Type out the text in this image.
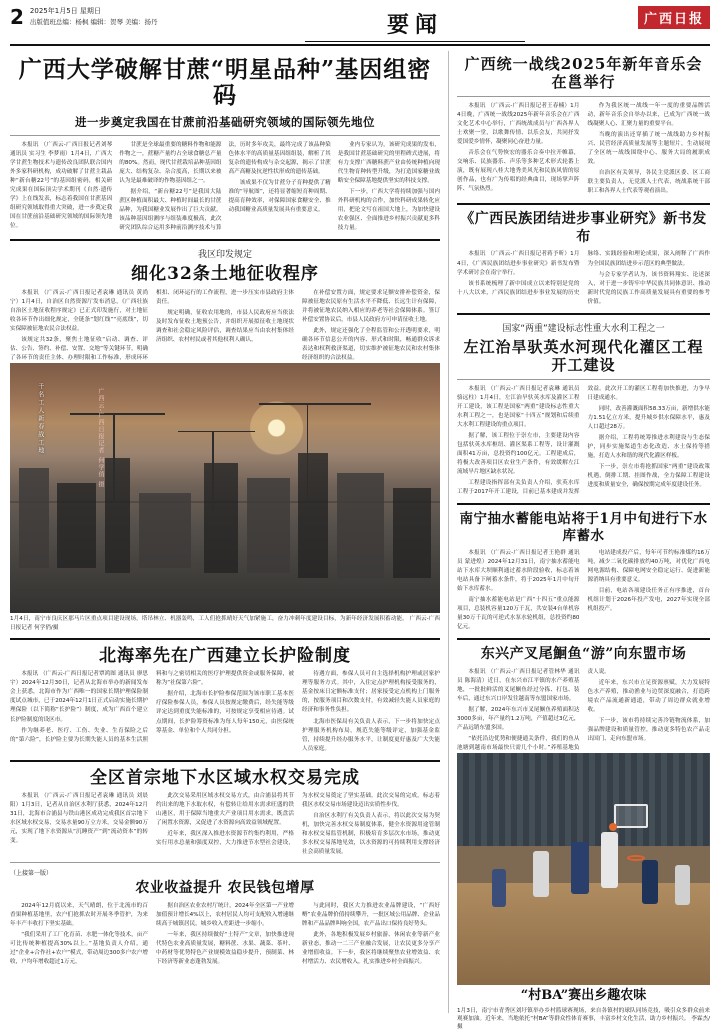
2 2025年1月5日 星期日
出版值班总编：杨枫 编辑：贺琴 美编：扬丹	要闻	广西日报
广西大学破解甘蔗“明星品种”基因组密码
进一步奠定我国在甘蔗前沿基础研究领域的国际领先地位

本报讯 （广西云-广西日报记者刘琴 通讯员 实习生 李梦雨）1月4日，广西大学甘蔗生物技术与遗传改良团队联合国内外多家科研机构，成功破解了甘蔗主栽品种“新台糖22号”的基因组密码，相关研究成果在国际顶尖学术期刊《自然·遗传学》上在线发表，标志着我国在甘蔗基因组研究领域取得重大突破，进一步奠定我国在甘蔗前沿基础研究领域的国际领先地位。

甘蔗是全球最重要的糖料作物和能源作物之一，蔗糖产量约占全球食糖总产量的80%。然而，现代甘蔗栽培品种基因组庞大、结构复杂、杂合度高，长期以来被认为是最难破译的作物基因组之一。

据介绍，“新台糖22号”是我国大陆蔗区种植面积最大、种植时间最长的甘蔗品种，为我国糖业发展作出了巨大贡献。该品种基因组测序与组装难度极高，此次研究团队综合运用多种前沿测序技术与算法，历时多年攻关，最终完成了该品种染色体水平的高质量基因组组装，解析了其复杂的遗传构成与杂交起源，揭示了甘蔗高产高糖及抗逆性状形成的遗传基础。

该成果不仅为甘蔗分子育种提供了精准的“导航图”，还将显著缩短育种周期、提高育种效率，对保障国家食糖安全、推动我国糖业高质量发展具有重要意义。

业内专家认为，该研究成果的发布，是我国甘蔗基础研究的里程碑式进展，将有力支撑广西糖料蔗产业由传统种植向现代生物育种转型升级，为打造国家糖业战略安全保障基地提供坚实的科技支撑。

下一步，广西大学将持续加强与国内外科研机构的合作，加快科研成果转化应用，把论文写在祖国大地上，为加快建设农业强区、全面推进乡村振兴贡献更多科技力量。

我区印发规定
细化32条土地征收程序

本报讯 （广西云-广西日报记者袁琳 通讯员 黄尚宁）1月4日，自治区自然资源厅发布消息，《广西壮族自治区土地征收程序规定》已正式印发施行，对土地征收各环节作出细化规定，全链条“划红线”“亮底线”，切实保障被征地农民合法权益。

该规定共32条，聚焦土地征收“启动、调查、评估、公告、签约、补偿、安置、交地”等关键环节，明确了各环节的责任主体、办理时限和工作标准，形成环环相扣、闭环运行的工作流程，进一步压实市县政府主体责任。

规定明确，征收农用地的，市县人民政府应当依法及时发布征收土地预公告，并组织开展拟征收土地现状调查和社会稳定风险评估，调查结果应当由农村集体经济组织、农村村民或者其他权利人确认。

在补偿安置方面，规定要求足额安排补偿资金，保障被征地农民原有生活水平不降低、长远生计有保障，并将被征地农民纳入相应的养老等社会保障体系。签订补偿安置协议后，市县人民政府方可申请征收土地。

此外，规定还强化了全程监管和公开透明要求，明确各环节信息公开的内容、形式和时限，畅通群众诉求表达和权利救济渠道，切实维护被征地农民和农村集体经济组织的合法权益。

千名工人新春战工地	广西云-广西日报记者 何学俏 摄
1月4日，南宁市良庆区那马片区重点项目建设现场，塔吊林立、机器轰鸣，工人们抢抓晴好天气加紧施工，奋力冲刺年度建设目标，为新年经济发展积蓄动能。 广西云-广西日报记者 何学俏/摄
北海率先在广西建立长护险制度

本报讯 （广西云-广西日报记者覃鸿图 通讯员 廖思宇）2024年12月30日，记者从北海市举办的新闻发布会上获悉，北海市作为广西唯一的国家长期护理保险制度试点城市，已于2024年12月1日正式启动实施长期护理保险（以下简称“长护险”）制度，成为广西首个建立长护险制度的设区市。

作为继养老、医疗、工伤、失业、生育保险之后的“第六险”，长护险主要为长期失能人员的基本生活照料和与之密切相关的医疗护理提供资金或服务保障，被称为“社保第六险”。

据介绍，北海市长护险参保范围为该市职工基本医疗保险参保人员，参保人员按规定缴费后，经失能等级评定达到重度失能标准的，可按规定享受相应待遇。试点期间，长护险筹资标准为每人每年150元，由医保统筹基金、单位和个人共同分担。

待遇方面，参保人员可自主选择机构护理或居家护理等服务方式。其中，入住定点护理机构接受服务的，基金按床日定额标准支付；居家接受定点机构上门服务的，按服务项目和次数支付，有效减轻失能人员家庭的经济和事务性负担。

北海市医保局有关负责人表示，下一步将加快定点护理服务机构布局，规范失能等级评定，加强基金监管，持续提升经办服务水平，让制度更好惠及广大失能人员家庭。

全区首宗地下水区域水权交易完成

本报讯 （广西云-广西日报记者袁琳 通讯员 刘晨阳）1月3日，记者从自治区水利厅获悉，2024年12月31日，北海市合浦县与铁山港区成功完成我区首宗地下水区域水权交易，交易水量90万立方米，交易金额90万元，实现了地下水资源从“沉睡资产”到“流动资本”的转变。

此次交易采用区域水权交易方式，由合浦县将其节约出来的地下水取水权，有偿转让给用水需求旺盛的铁山港区，用于保障当地重大产业项目用水需求，既盘活了闲置水资源，又促进了水资源向高效益领域配置。

近年来，我区深入推进水资源节约集约利用，严格实行用水总量和强度双控，大力推进节水型社会建设，为水权交易奠定了坚实基础。此次交易的完成，标志着我区水权交易市场建设迈出实质性步伐。

自治区水利厅有关负责人表示，将以此次交易为契机，加快完善水权交易制度体系，健全水资源用途管制和水权交易监管机制，积极培育多层次水市场，推动更多水权交易落地见效，以水资源的可持续利用支撑经济社会高质量发展。

（上接第一版）
农业收益提升 农民钱包增厚

2024年12月底以来，天气晴朗，位于北流市的百香果种植基地里，农户们抢抓农时开展冬季管护，为来年丰产丰收打下坚实基础。

“我们采用了工厂化育苗、水肥一体化等技术，亩产可比传统种植提高30%以上。”基地负责人介绍，通过“企业+合作社+农户”模式，带动周边300多户农户增收，户均年增收超过1万元。

据自治区农业农村厅统计，2024年全区第一产业增加值预计增长4%以上，农村居民人均可支配收入增速继续高于城镇居民，城乡收入差距进一步缩小。

一年来，我区持续做好“土特产”文章，加快推进现代特色农业高质量发展，糖料蔗、水果、蔬菜、茶叶、中药材等优势特色产业规模效益稳步提升，预制菜、林下经济等新业态蓬勃发展。

与此同时，我区大力推进农业品牌建设，“广西好嘢”农业品牌价值持续攀升，一批区域公用品牌、企业品牌和产品品牌叫响全国，农产品出口保持良好势头。

此外，各地积极发展乡村旅游、休闲农业等新产业新业态，推动一二三产业融合发展，让农民更多分享产业增值收益。下一步，我区将继续聚焦农业增效益、农村增活力、农民增收入，扎实推进乡村全面振兴。

广西统一战线2025年新年音乐会在邕举行

本报讯 （广西云-广西日报记者王春楠）1月4日晚，广西统一战线2025年新年音乐会在广西文化艺术中心举行，广西统战成员与广西各界人士欢聚一堂，以歌舞传情、以乐会友，共同抒发爱国爱乡情怀，凝聚同心奋进力量。

音乐会在气势恢宏的器乐合奏中拉开帷幕，交响乐、民族器乐、声乐等多种艺术形式轮番上演，既有展现八桂大地秀美风光和民族风情的原创作品，也有广为传唱的经典曲目，现场掌声阵阵、气氛热烈。

作为我区统一战线一年一度的重要品牌活动，新年音乐会自举办以来，已成为广西统一战线凝聚人心、汇聚力量的重要平台。

当晚的演出还穿插了统一战线助力乡村振兴、民营经济高质量发展等主题短片，生动展现了全区统一战线围绕中心、服务大局的履职成效。

自治区有关领导，各民主党派区委、区工商联主要负责人，无党派人士代表，统战系统干部职工和各界人士代表等观看演出。

《广西民族团结进步事业研究》新书发布

本报讯 （广西云-广西日报记者蒋予昕）1月4日，《广西民族团结进步事业研究》新书发布暨学术研讨会在南宁举行。

该书系统梳理了新中国成立以来特别是党的十八大以来，广西民族团结进步事业发展的历史脉络、实践经验和理论成果，深入阐释了广西作为全国民族团结进步示范区的典型做法。

与会专家学者认为，该书资料翔实、论述深入，对于进一步铸牢中华民族共同体意识、推动新时代党的民族工作高质量发展具有重要的参考价值。

国家“两重”建设标志性重大水利工程之一
左江治旱驮英水河现代化灌区工程开工建设

本报讯 （广西云-广西日报记者袁琳 通讯员 骆远柱）1月4日，左江治旱驮英水库及灌区工程开工建设，该工程是国家“两重”建设标志性重大水利工程之一，也是国家“十四五”规划和后续重大水利工程建设的重点项目。

据了解，该工程位于崇左市，主要建设内容包括驮英水库枢纽、灌区渠系工程等，设计灌溉面积41万亩，总投资约100亿元。工程建成后，将极大改善项目区农业生产条件，有效缓解左江流域旱片地区缺水状况。

工程建设指挥部有关负责人介绍，驮英水库工程于2017年开工建设，目前已基本建成并发挥效益。此次开工的灌区工程将加快推进，力争早日建成通水。

同时，改善灌溉面积58.33万亩，新增供水能力1.51亿立方米，提升城乡供水保障水平，惠及人口超过28万。

据介绍，工程将统筹推进水利建设与生态保护，同步实施渠道生态化改造、水土保持等措施，打造人水和谐的现代化灌区样板。

下一步，崇左市将抢抓国家“两重”建设政策机遇，倒排工期、挂图作战，全力保障工程建设进度和质量安全，确保按期完成年度建设任务。

南宁抽水蓄能电站将于1月中旬进行下水库蓄水

本报讯 （广西云-广西日报记者王艳群 通讯员 蒙进煌）2024年12月31日，南宁抽水蓄能电站下水库大坝顺利通过蓄水阶段验收，标志着该电站具备下闸蓄水条件，将于2025年1月中旬开始下水库蓄水。

南宁抽水蓄能电站是广西“十四五”重点能源项目，总装机容量120万千瓦，共安装4台单机容量30万千瓦的可逆式水泵水轮机组，总投资约80亿元。

电站建成投产后，每年可节约标准煤约16万吨，减少二氧化碳排放约40万吨，对优化广西电网电源结构、保障电网安全稳定运行、促进新能源消纳具有重要意义。

目前，电站各项建设任务正有序推进，首台机组计划于2026年投产发电，2027年实现全部机组投产。

东兴产叉尾鮰鱼“游”向东盟市场

本报讯 （广西云-广西日报记者管林华 通讯员 陈海清）近日，在东兴市江平镇的水产养殖基地，一批批鲜活的叉尾鮰鱼经过分拣、打包、装车后，通过东兴口岸发往越南等东盟国家市场。

据了解，2024年东兴市叉尾鮰鱼养殖面积达3000多亩，年产量约1.2万吨，产值超过3亿元，产品远销东盟多国。

“依托沿边优势和便捷通关条件，我们的鱼从池塘到越南市场最快只需几个小时。”养殖基地负责人说。

近年来，东兴市立足资源禀赋，大力发展特色水产养殖，推动渔业与边贸深度融合，打造跨境农产品流通新通道，带动了周边群众就业增收。

下一步，该市将持续完善冷链物流体系，加强品牌建设和质量管控，推动更多特色农产品走出国门、走向东盟市场。

“村BA”赛出乡趣农味
1月3日，南宁市青秀区刘圩镇举办乡村篮球赛现场，来自各镇村的球队同场竞技，吸引众多群众前来观赛加油。近年来，当地依托“村BA”等群众性体育赛事，丰富乡村文化生活，助力乡村振兴。 李霖杰/摄
